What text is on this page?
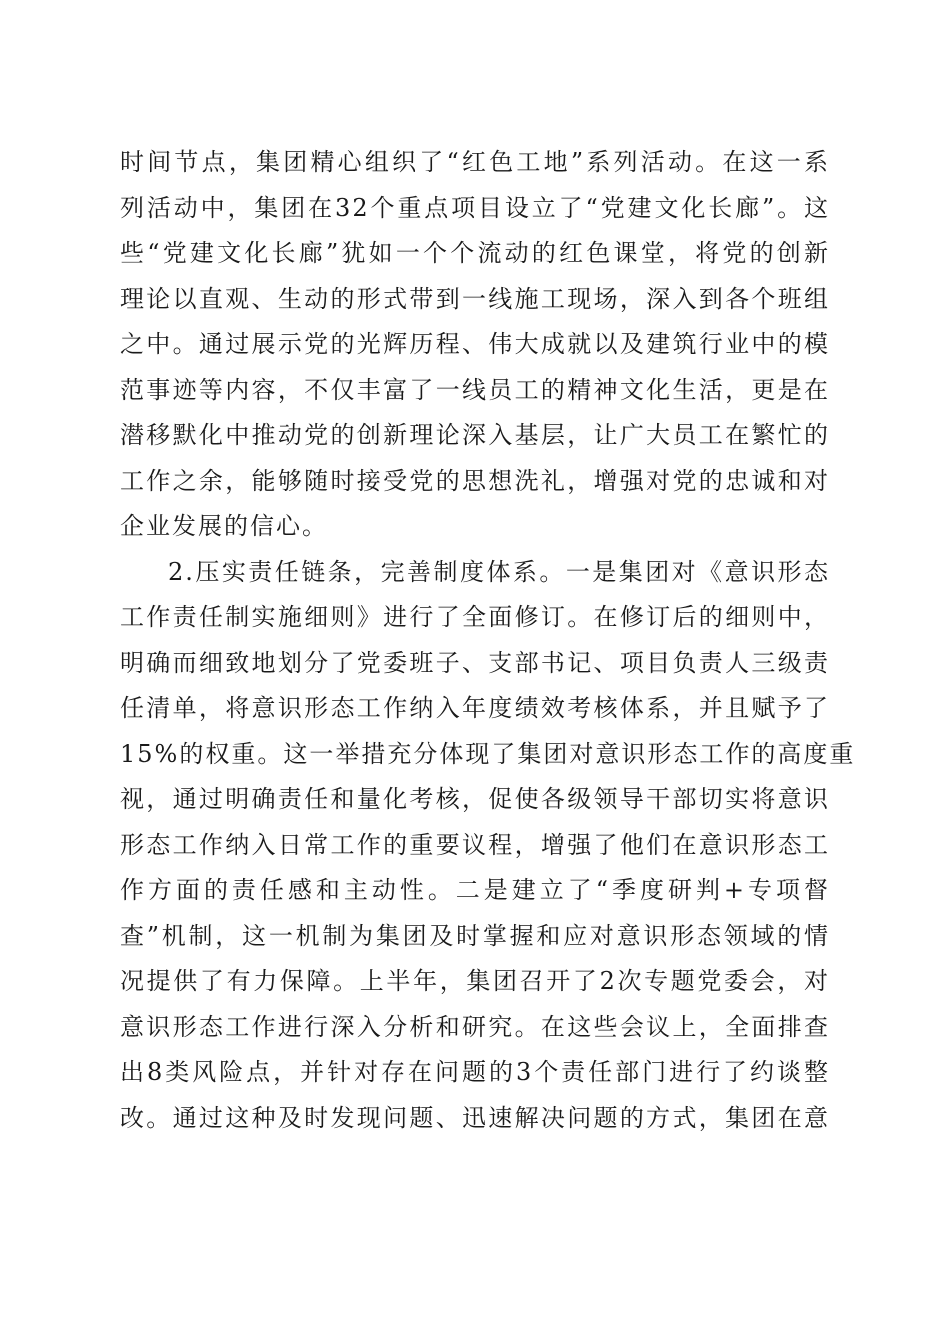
时间节点，集团精心组织了“红色工地”系列活动。在这一系
列活动中，集团在32个重点项目设立了“党建文化长廊”。这
些“党建文化长廊”犹如一个个流动的红色课堂，将党的创新
理论以直观、生动的形式带到一线施工现场，深入到各个班组
之中。通过展示党的光辉历程、伟大成就以及建筑行业中的模
范事迹等内容，不仅丰富了一线员工的精神文化生活，更是在
潜移默化中推动党的创新理论深入基层，让广大员工在繁忙的
工作之余，能够随时接受党的思想洗礼，增强对党的忠诚和对
企业发展的信心。
2.压实责任链条，完善制度体系。一是集团对《意识形态
工作责任制实施细则》进行了全面修订。在修订后的细则中，
明确而细致地划分了党委班子、支部书记、项目负责人三级责
任清单，将意识形态工作纳入年度绩效考核体系，并且赋予了
15%的权重。这一举措充分体现了集团对意识形态工作的高度重
视，通过明确责任和量化考核，促使各级领导干部切实将意识
形态工作纳入日常工作的重要议程，增强了他们在意识形态工
作方面的责任感和主动性。二是建立了“季度研判+专项督
查”机制，这一机制为集团及时掌握和应对意识形态领域的情
况提供了有力保障。上半年，集团召开了2次专题党委会，对
意识形态工作进行深入分析和研究。在这些会议上，全面排查
出8类风险点，并针对存在问题的3个责任部门进行了约谈整
改。通过这种及时发现问题、迅速解决问题的方式，集团在意
